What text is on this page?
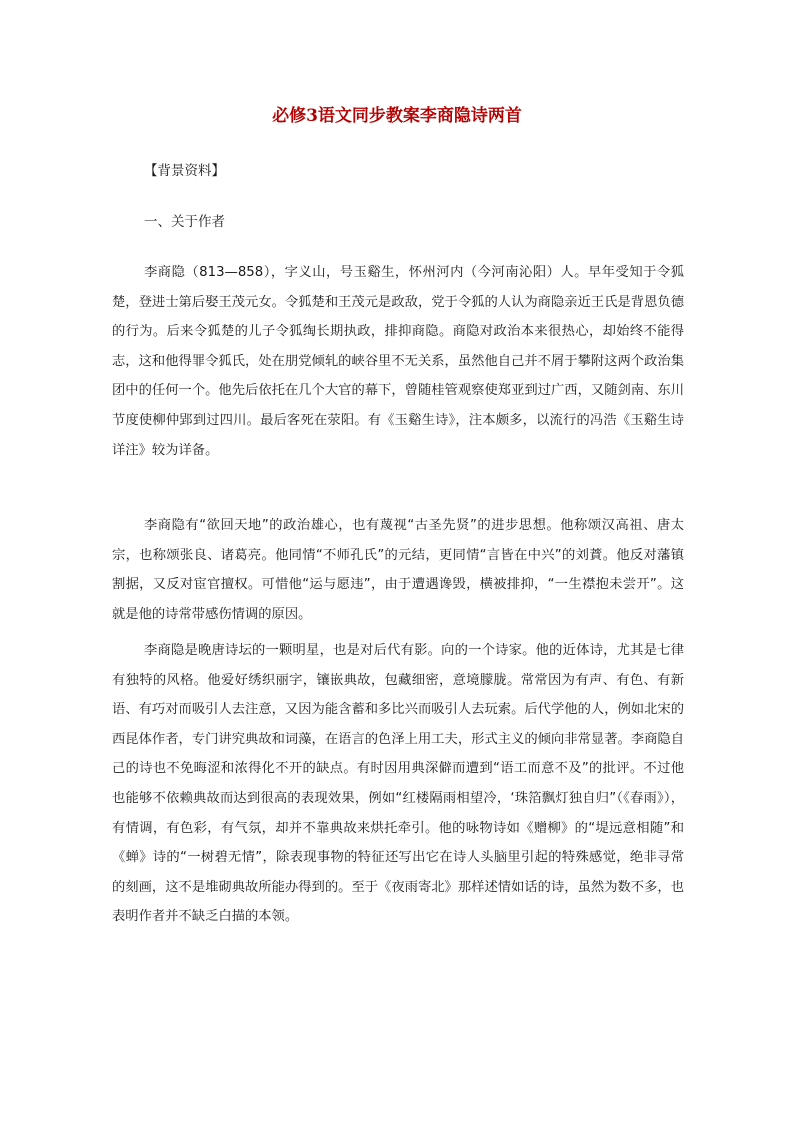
必修3语文同步教案李商隐诗两首

【背景资料】

一、关于作者

李商隐（813—858），字义山，号玉谿生，怀州河内（今河南沁阳）人。早年受知于令狐楚，登进士第后娶王茂元女。令狐楚和王茂元是政敌，党于令狐的人认为商隐亲近王氏是背恩负德的行为。后来令狐楚的儿子令狐绹长期执政，排抑商隐。商隐对政治本来很热心，却始终不能得志，这和他得罪令狐氏，处在朋党倾轧的峡谷里不无关系，虽然他自己并不屑于攀附这两个政治集团中的任何一个。他先后依托在几个大官的幕下，曾随桂管观察使郑亚到过广西，又随剑南、东川节度使柳仲郢到过四川。最后客死在荥阳。有《玉谿生诗》，注本颇多，以流行的冯浩《玉谿生诗详注》较为详备。

李商隐有“欲回天地”的政治雄心，也有蔑视“古圣先贤”的进步思想。他称颂汉高祖、唐太宗，也称颂张良、诸葛亮。他同情“不师孔氏”的元结，更同情“言皆在中兴”的刘蕡。他反对藩镇割据，又反对宦官擅权。可惜他“运与愿违”，由于遭遇谗毁，横被排抑，“一生襟抱未尝开”。这就是他的诗常带感伤情调的原因。

李商隐是晚唐诗坛的一颗明星，也是对后代有影。向的一个诗家。他的近体诗，尤其是七律有独特的风格。他爱好绣织丽字，镶嵌典故，包藏细密，意境朦胧。常常因为有声、有色、有新语、有巧对而吸引人去注意，又因为能含蓄和多比兴而吸引人去玩索。后代学他的人，例如北宋的西昆体作者，专门讲究典故和词藻，在语言的色泽上用工夫，形式主义的倾向非常显著。李商隐自己的诗也不免晦涩和浓得化不开的缺点。有时因用典深僻而遭到“语工而意不及”的批评。不过他也能够不依赖典故而达到很高的表现效果，例如“红楼隔雨相望冷，‘珠箔飘灯独自归”（《春雨》），有情调，有色彩，有气氛，却并不靠典故来烘托牵引。他的咏物诗如《赠柳》的“堤远意相随”和《蝉》诗的“一树碧无情”，除表现事物的特征还写出它在诗人头脑里引起的特殊感觉，绝非寻常的刻画，这不是堆砌典故所能办得到的。至于《夜雨寄北》那样述情如话的诗，虽然为数不多，也表明作者并不缺乏白描的本领。
